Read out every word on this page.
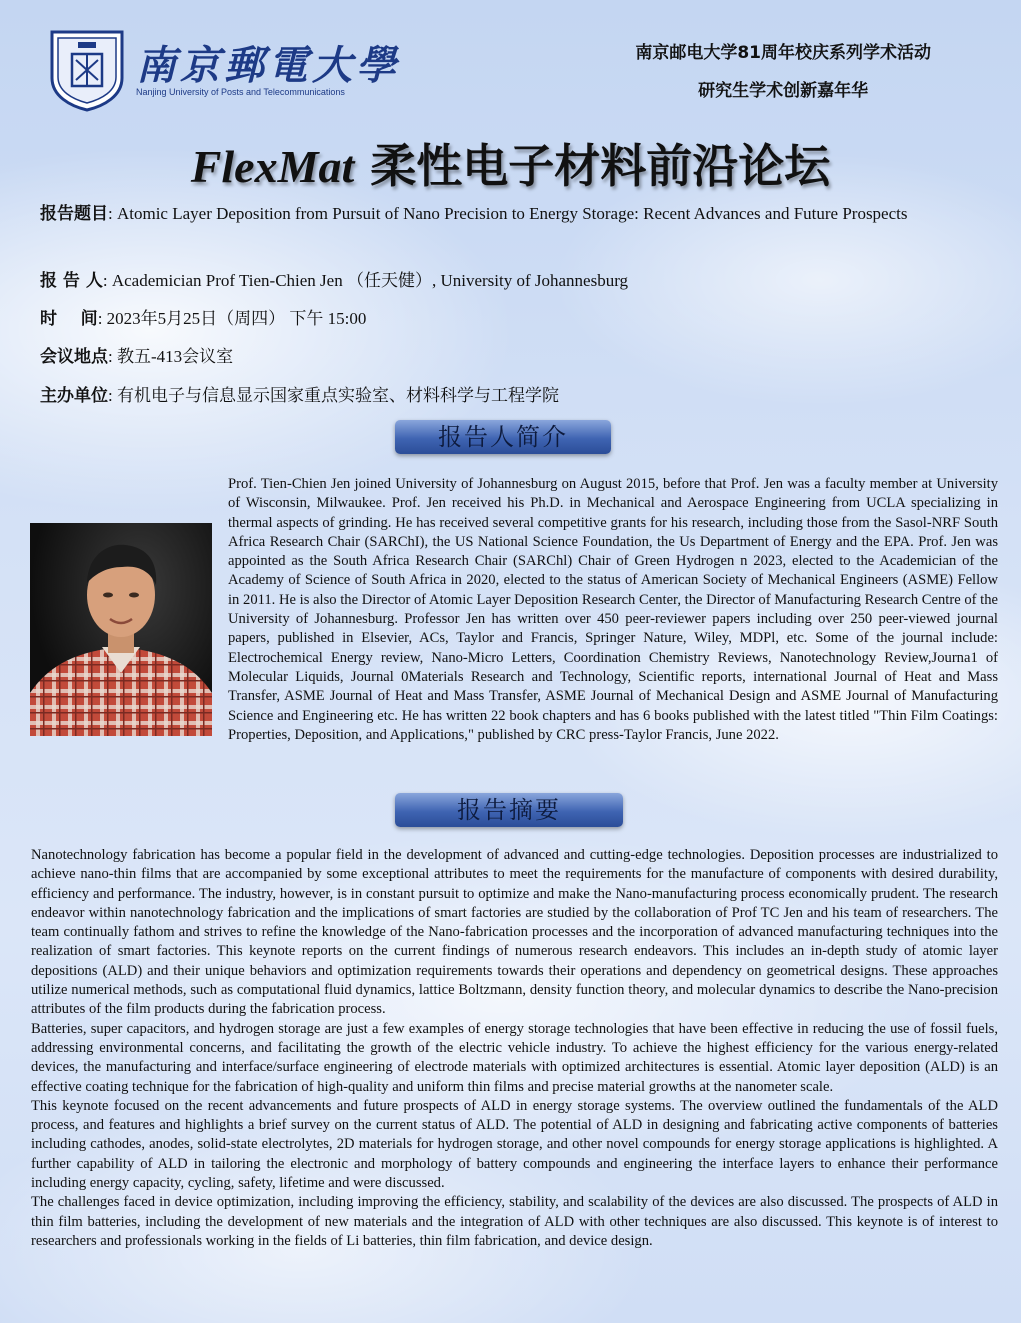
南京郵電大學
Nanjing University of Posts and Telecommunications
南京邮电大学81周年校庆系列学术活动
研究生学术创新嘉年华
FlexMat 柔性电子材料前沿论坛
报告题目: Atomic Layer Deposition from Pursuit of Nano Precision to Energy Storage: Recent Advances and Future Prospects
报 告 人: Academician Prof Tien-Chien Jen （任天健）, University of Johannesburg
时    间: 2023年5月25日（周四） 下午 15:00
会议地点: 教五-413会议室
主办单位: 有机电子与信息显示国家重点实验室、材料科学与工程学院
报告人简介
Prof. Tien-Chien Jen joined University of Johannesburg on August 2015, before that Prof. Jen was a faculty member at University of Wisconsin, Milwaukee. Prof. Jen received his Ph.D. in Mechanical and Aerospace Engineering from UCLA specializing in thermal aspects of grinding. He has received several competitive grants for his research, including those from the Sasol-NRF South Africa Research Chair (SARChI), the US National Science Foundation, the Us Department of Energy and the EPA. Prof. Jen was appointed as the South Africa Research Chair (SARChl) Chair of Green Hydrogen n 2023, elected to the Academician of the Academy of Science of South Africa in 2020, elected to the status of American Society of Mechanical Engineers (ASME) Fellow in 2011. He is also the Director of Atomic Layer Deposition Research Center, the Director of Manufacturing Research Centre of the University of Johannesburg. Professor Jen has written over 450 peer-reviewer papers including over 250 peer-viewed journal papers, published in Elsevier, ACs, Taylor and Francis, Springer Nature, Wiley, MDPl, etc. Some of the journal include: Electrochemical Energy review, Nano-Micro Letters, Coordination Chemistry Reviews, Nanotechnology Review,Journa1 of Molecular Liquids, Journal 0Materials Research and Technology, Scientific reports, international Journal of Heat and Mass Transfer, ASME Journal of Heat and Mass Transfer, ASME Journal of Mechanical Design and ASME Journal of Manufacturing Science and Engineering etc. He has written 22 book chapters and has 6 books published with the latest titled "Thin Film Coatings: Properties, Deposition, and Applications," published by CRC press-Taylor Francis, June 2022.
报告摘要

Nanotechnology fabrication has become a popular field in the development of advanced and cutting-edge technologies. Deposition processes are industrialized to achieve nano-thin films that are accompanied by some exceptional attributes to meet the requirements for the manufacture of components with desired durability, efficiency and performance. The industry, however, is in constant pursuit to optimize and make the Nano-manufacturing process economically prudent. The research endeavor within nanotechnology fabrication and the implications of smart factories are studied by the collaboration of Prof TC Jen and his team of researchers. The team continually fathom and strives to refine the knowledge of the Nano-fabrication processes and the incorporation of advanced manufacturing techniques into the realization of smart factories. This keynote reports on the current findings of numerous research endeavors. This includes an in-depth study of atomic layer depositions (ALD) and their unique behaviors and optimization requirements towards their operations and dependency on geometrical designs. These approaches utilize numerical methods, such as computational fluid dynamics, lattice Boltzmann, density function theory, and molecular dynamics to describe the Nano-precision attributes of the film products during the fabrication process.

Batteries, super capacitors, and hydrogen storage are just a few examples of energy storage technologies that have been effective in reducing the use of fossil fuels, addressing environmental concerns, and facilitating the growth of the electric vehicle industry. To achieve the highest efficiency for the various energy-related devices, the manufacturing and interface/surface engineering of electrode materials with optimized architectures is essential. Atomic layer deposition (ALD) is an effective coating technique for the fabrication of high-quality and uniform thin films and precise material growths at the nanometer scale.

This keynote focused on the recent advancements and future prospects of ALD in energy storage systems. The overview outlined the fundamentals of the ALD process, and features and highlights a brief survey on the current status of ALD. The potential of ALD in designing and fabricating active components of batteries including cathodes, anodes, solid-state electrolytes, 2D materials for hydrogen storage, and other novel compounds for energy storage applications is highlighted. A further capability of ALD in tailoring the electronic and morphology of battery compounds and engineering the interface layers to enhance their performance including energy capacity, cycling, safety, lifetime and were discussed.

The challenges faced in device optimization, including improving the efficiency, stability, and scalability of the devices are also discussed. The prospects of ALD in thin film batteries, including the development of new materials and the integration of ALD with other techniques are also discussed. This keynote is of interest to researchers and professionals working in the fields of Li batteries, thin film fabrication, and device design.
